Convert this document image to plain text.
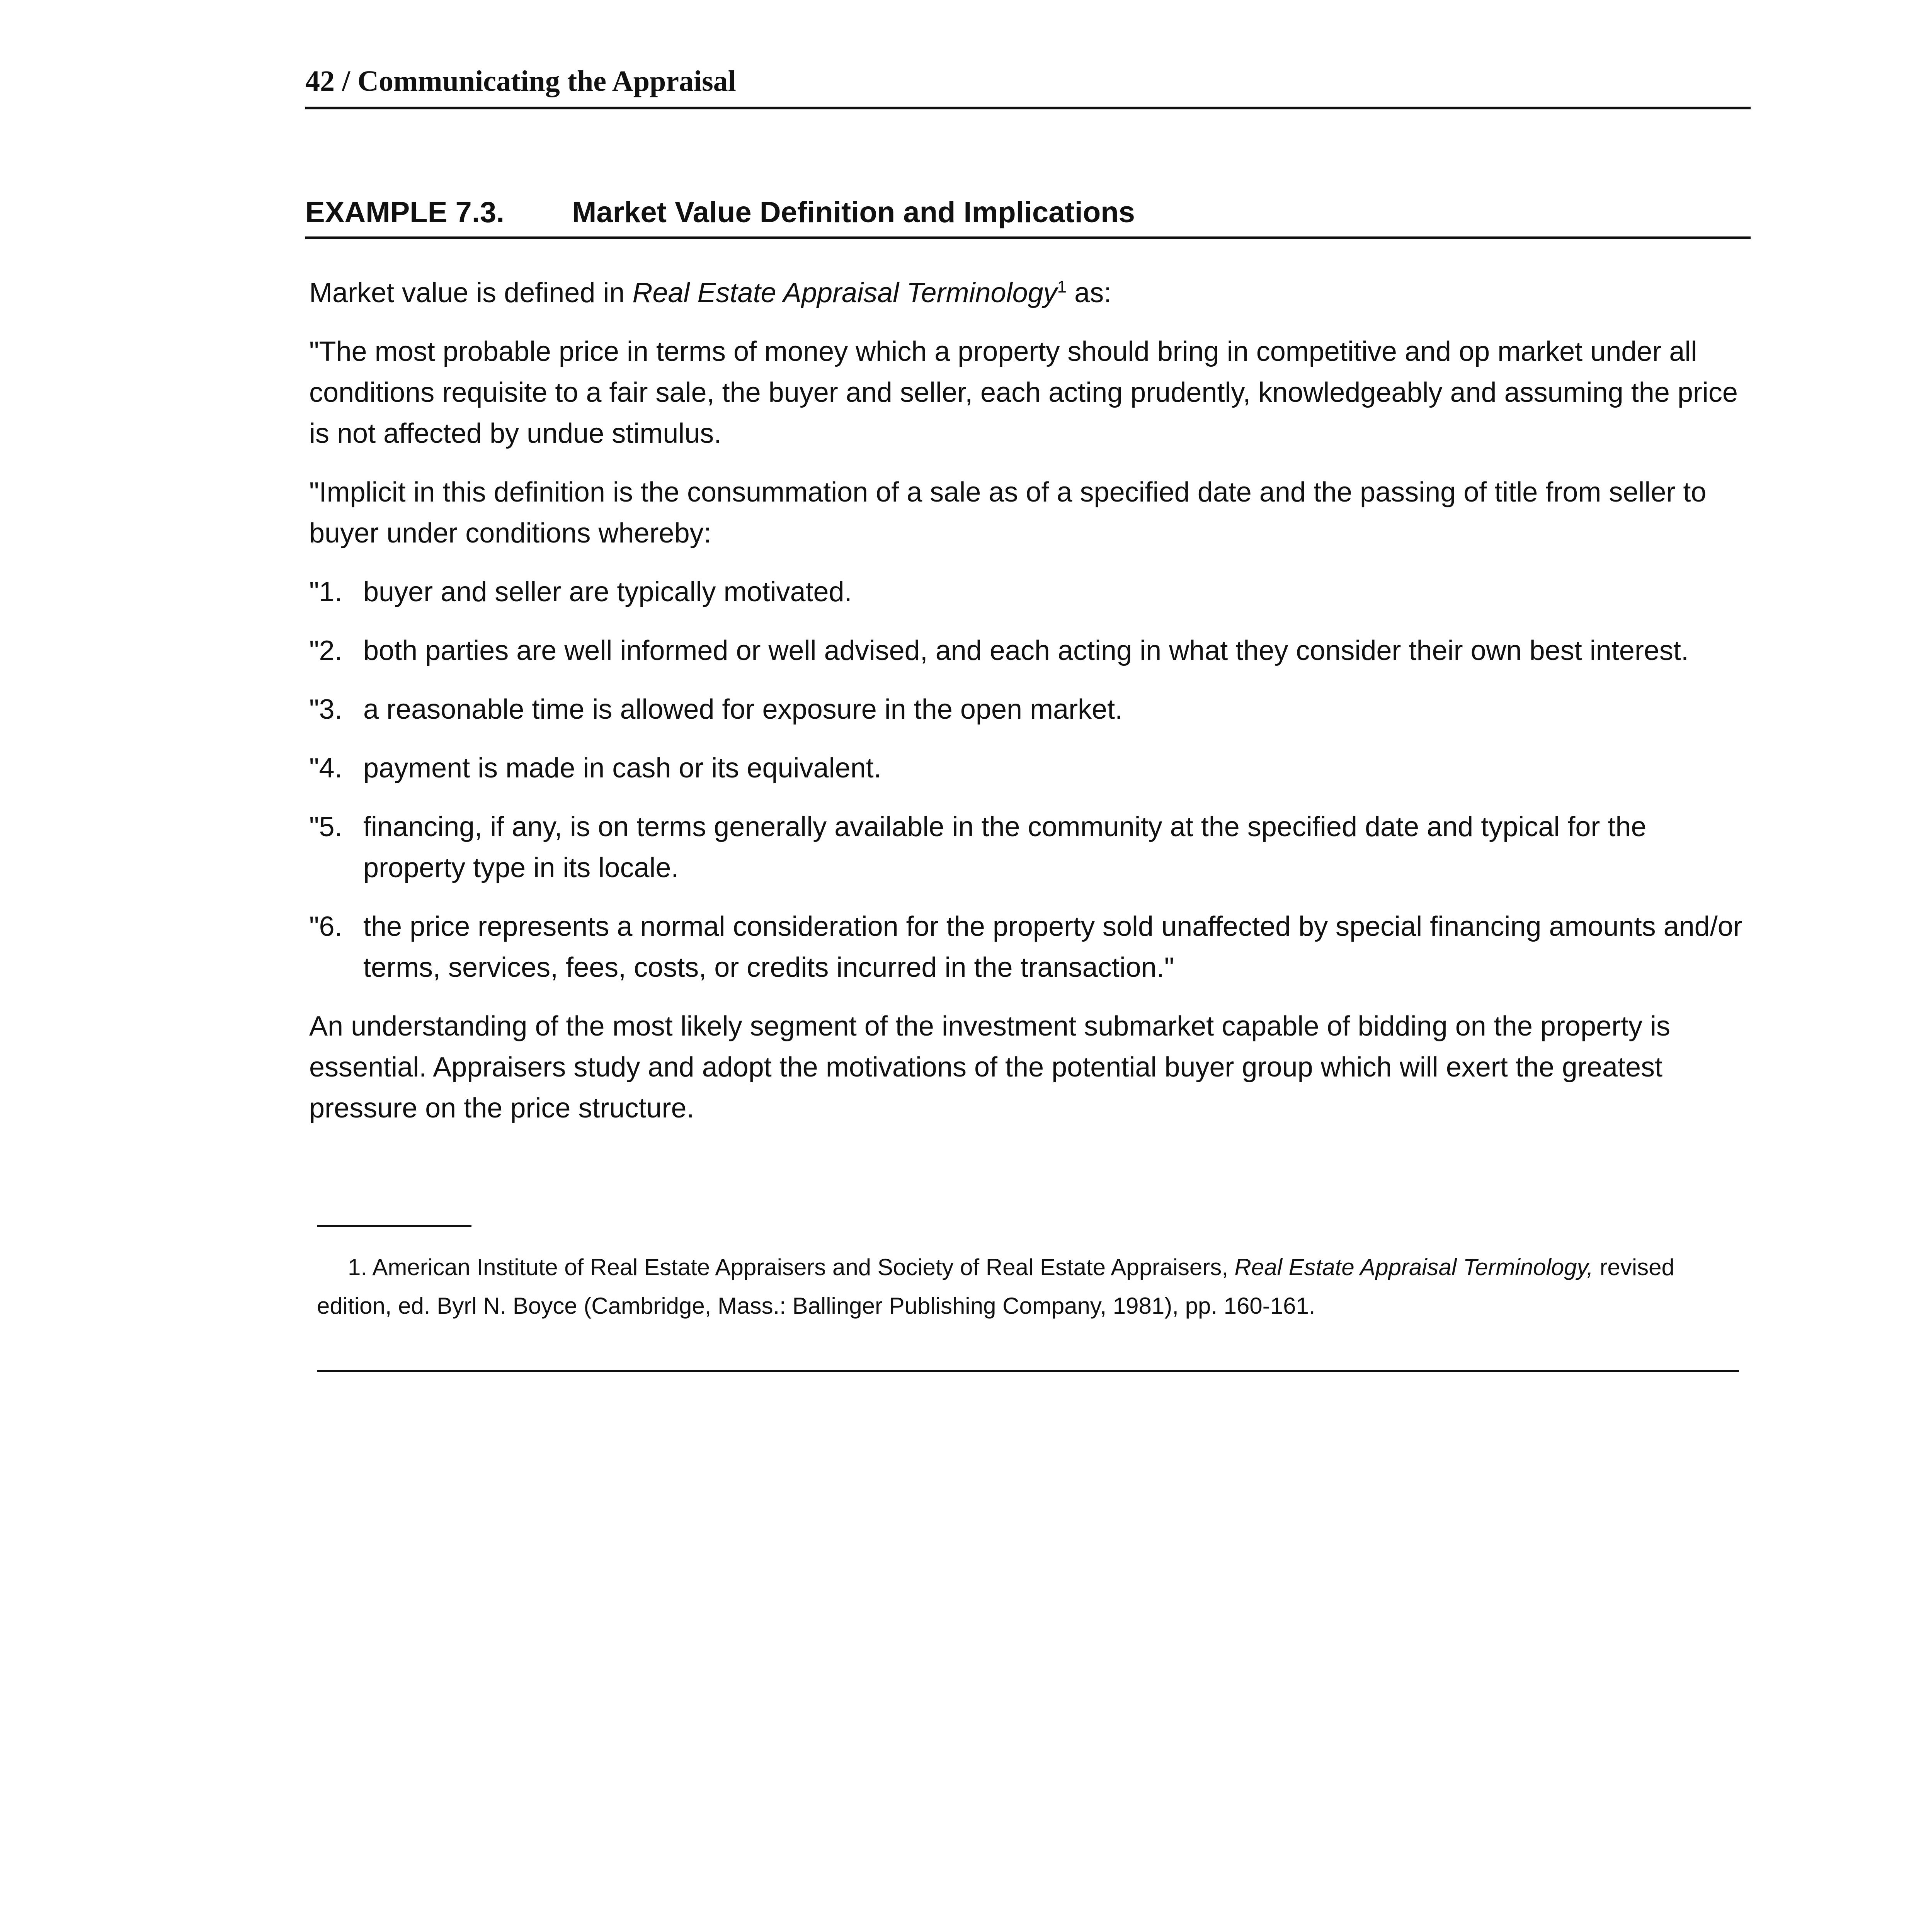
42 / Communicating the Appraisal
EXAMPLE 7.3. Market Value Definition and Implications

Market value is defined in Real Estate Appraisal Terminology$^1$ as:

"The most probable price in terms of money which a property should bring in competitive and op market under all conditions requisite to a fair sale, the buyer and seller, each acting prudently, knowledgeably and assuming the price is not affected by undue stimulus.

"Implicit in this definition is the consummation of a sale as of a specified date and the passing of title from seller to buyer under conditions whereby:

"1. buyer and seller are typically motivated.
"2. both parties are well informed or well advised, and each acting in what they consider their own best interest.
"3. a reasonable time is allowed for exposure in the open market.
"4. payment is made in cash or its equivalent.
"5. financing, if any, is on terms generally available in the community at the specified date and typical for the property type in its locale.
"6. the price represents a normal consideration for the property sold unaffected by special financing amounts and/or terms, services, fees, costs, or credits incurred in the transaction."

An understanding of the most likely segment of the investment submarket capable of bidding on the property is essential. Appraisers study and adopt the motivations of the potential buyer group which will exert the greatest pressure on the price structure.

1. American Institute of Real Estate Appraisers and Society of Real Estate Appraisers, Real Estate Appraisal Terminology, revised edition, ed. Byrl N. Boyce (Cambridge, Mass.: Ballinger Publishing Company, 1981), pp. 160-161.
